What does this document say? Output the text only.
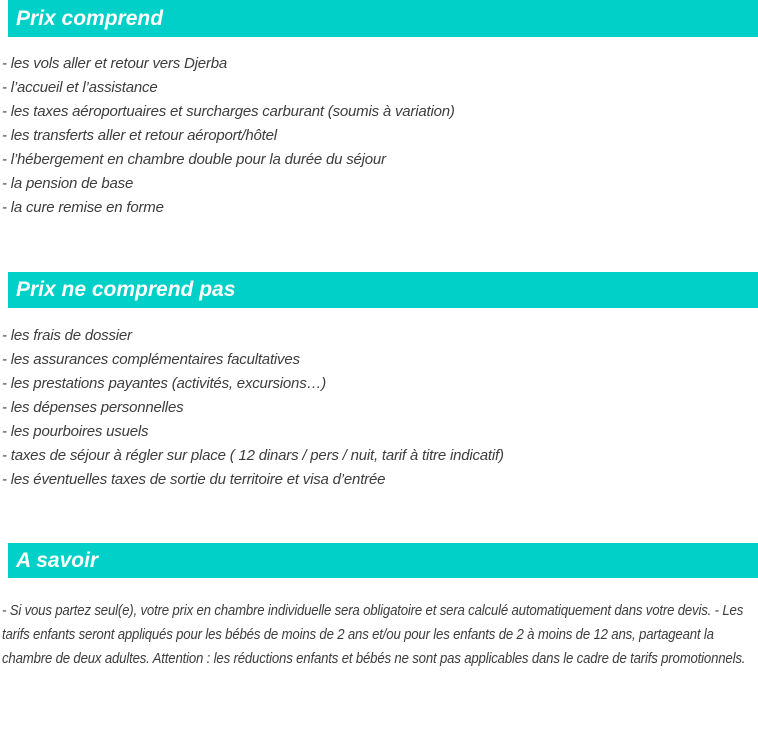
Prix comprend
- les vols aller et retour vers Djerba
- l’accueil et l’assistance
- les taxes aéroportuaires et surcharges carburant (soumis à variation)
- les transferts aller et retour aéroport/hôtel
- l’hébergement en chambre double pour la durée du séjour
- la pension de base
- la cure remise en forme
Prix ne comprend pas
- les frais de dossier
- les assurances complémentaires facultatives
- les prestations payantes (activités, excursions…)
- les dépenses personnelles
- les pourboires usuels
- taxes de séjour à régler sur place ( 12 dinars / pers / nuit, tarif à titre indicatif)
- les éventuelles taxes de sortie du territoire et visa d’entrée
A savoir
- Si vous partez seul(e), votre prix en chambre individuelle sera obligatoire et sera calculé automatiquement dans votre devis. - Les tarifs enfants seront appliqués pour les bébés de moins de 2 ans et/ou pour les enfants de 2 à moins de 12 ans, partageant la chambre de deux adultes. Attention : les réductions enfants et bébés ne sont pas applicables dans le cadre de tarifs promotionnels.
